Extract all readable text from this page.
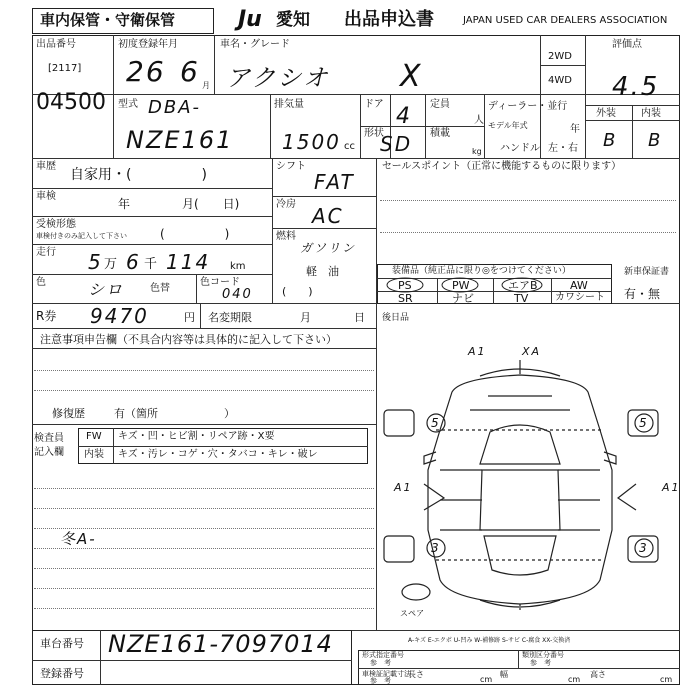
車内保管・守衛保管	Ju 愛知 出品申込書	JAPAN USED CAR DEALERS ASSOCIATION
出品番号
[2117]
04500
初度登録年月
26 6 月
車名・グレード
アクシオ X
2WD
4WD
評価点
4.5
外装	内装
B B
型式 DBA-
NZE161
排気量
1500 cc
ドア 4
形状
SD
定員
人
積載
kg
ディーラー・並行
モデル年式	年
ハンドル 左・右
車歴
自家用・(　　　　　)
車検
年	月(　　日)
受検形態
車検付きのみ記入して下さい	(　　　　　)
走行 5 万 6 千 114 km
色	シロ	色替
色コード
040
シフト
FAT
冷房 AC
燃料
ガソリン
軽　油
(　　)
セールスポイント（正常に機能するものに限ります）
装備品（純正品に限り◎をつけてください）
PS	PW	エアB	AW
SR	ナビ	TV	カワシート
新車保証書
有・無
R券 9470	円 名変期限	月	日
注意事項申告欄（不具合内容等は具体的に記入して下さい）
修復歴	有（箇所　　　　　　）
検査員
記入欄
FW キズ・凹・ヒビ割・リペア跡・X要
内装 キズ・汚レ・コゲ・穴・タバコ・キレ・破レ
冬A-
後日品
A1	XA
5	5
A1	A1
3	3
スペア
A-キズ E-エクボ U-凹み W-補修跡 S-サビ C-腐食 XX-交換済
車台番号 NZE161-7097014
登録番号
形式指定番号
参　考
類別区分番号
参　考
車検証記載寸法
参　考
長さ
cm
幅
cm
高さ
cm
